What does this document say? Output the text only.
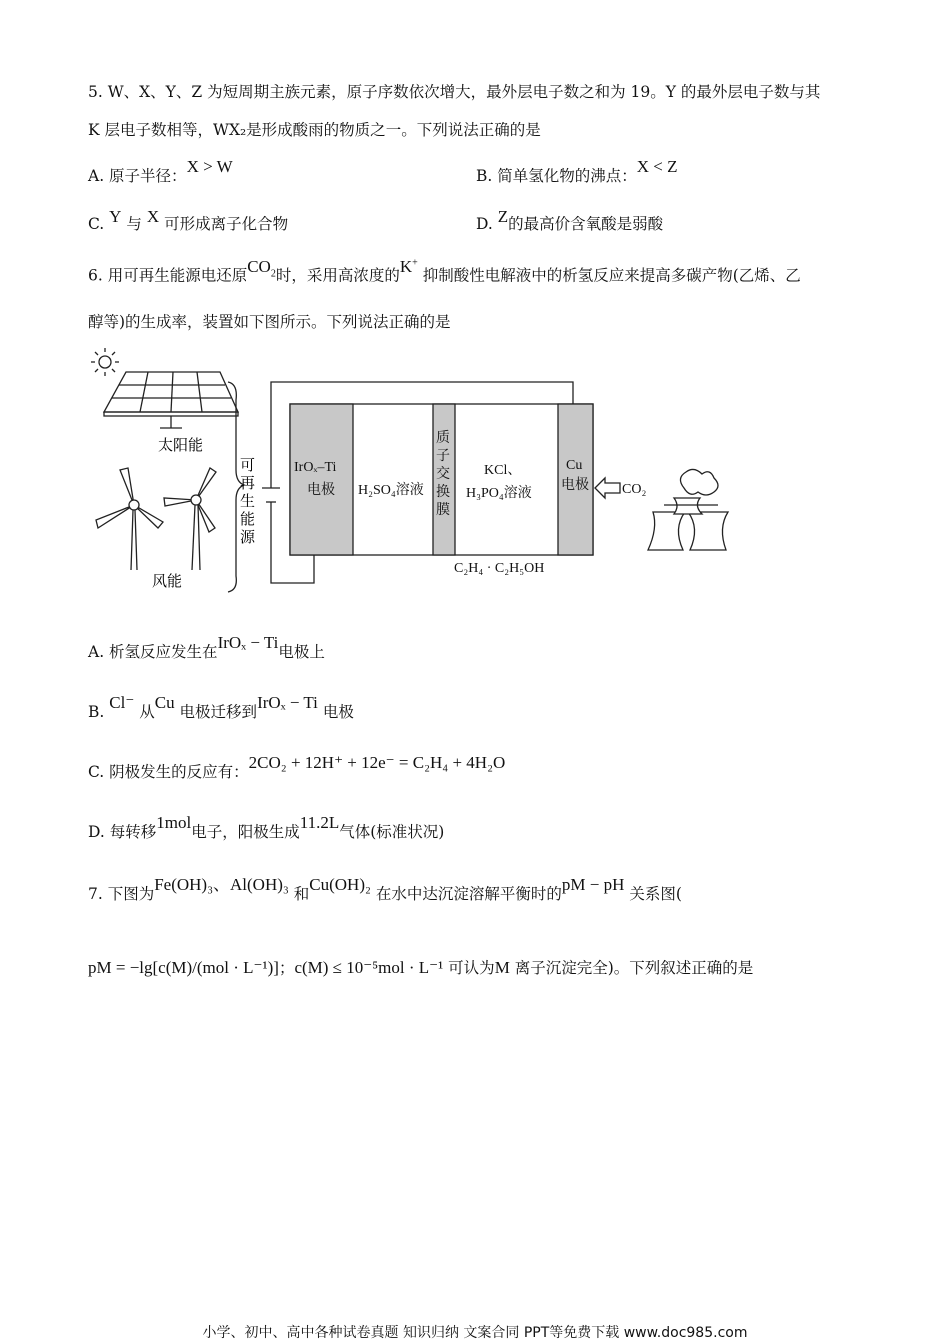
5. W、X、Y、Z 为短周期主族元素，原子序数依次增大，最外层电子数之和为 19。Y 的最外层电子数与其
K 层电子数相等，WX₂是形成酸雨的物质之一。下列说法正确的是
A. 原子半径：X > W	B. 简单氢化物的沸点：X < Z
C. Y 与 X 可形成离子化合物	D. Z的最高价含氧酸是弱酸
6. 用可再生能源电还原$CO_2$时，采用高浓度的K+ 抑制酸性电解液中的析氢反应来提高多碳产物(乙烯、乙
醇等)的生成率，装置如下图所示。下列说法正确的是
太阳能
风能
可
再
生
能
源
IrOₓ–Ti
电极 H₂SO₄溶液
质
子
交
换
膜
KCl、
H₃PO₄溶液
Cu
电极
C₂H₄ · C₂H₅OH
CO₂
A. 析氢反应发生在IrOₓ − Ti电极上
B. Cl⁻ 从Cu 电极迁移到IrOₓ − Ti 电极
C. 阴极发生的反应有：2CO₂ + 12H⁺ + 12e⁻ = C₂H₄ + 4H₂O
D. 每转移1mol电子，阳极生成11.2L气体(标准状况)
7. 下图为Fe(OH)₃、Al(OH)₃ 和Cu(OH)₂ 在水中达沉淀溶解平衡时的pM − pH 关系图(
pM = −lg[c(M)/(mol · L⁻¹)]；c(M) ≤ 10⁻⁵mol · L⁻¹ 可认为M 离子沉淀完全)。下列叙述正确的是
小学、初中、高中各种试卷真题 知识归纳 文案合同 PPT等免费下载 www.doc985.com
